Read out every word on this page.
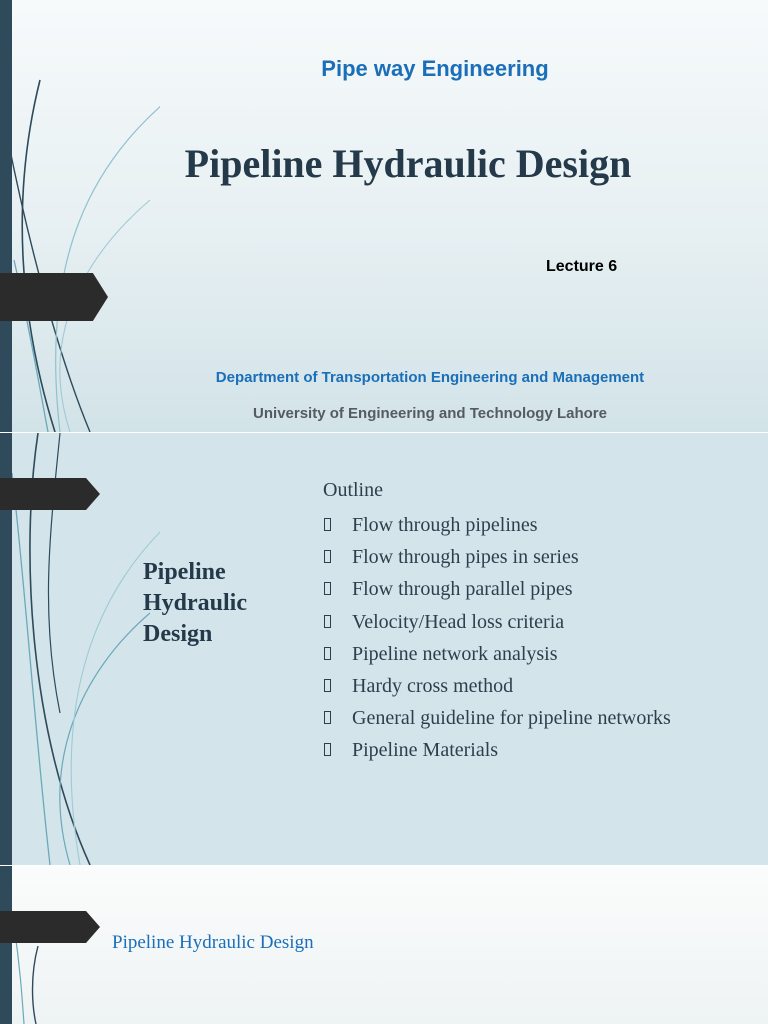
Pipe way Engineering
Pipeline Hydraulic Design
Lecture 6
Department of Transportation Engineering and Management
University of Engineering and Technology Lahore
Pipeline Hydraulic Design
Outline
Flow through pipelines
Flow through pipes in series
Flow through parallel pipes
Velocity/Head loss criteria
Pipeline network analysis
Hardy cross method
General guideline for pipeline networks
Pipeline Materials
Pipeline Hydraulic Design
